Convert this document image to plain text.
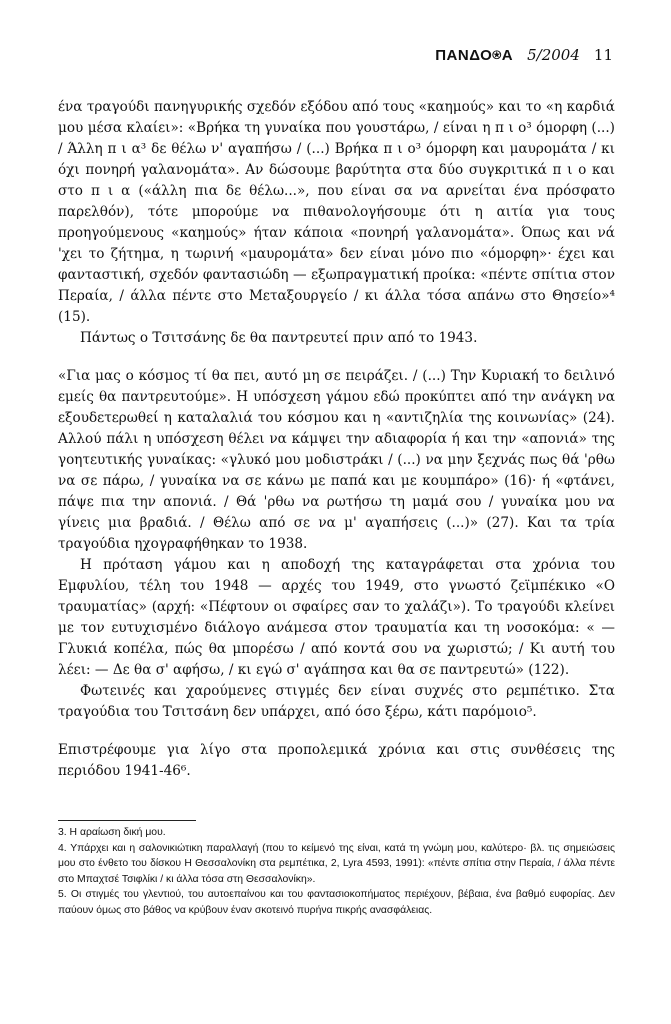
ΠΑΝΔΟ⍟Α 5/2004 11

ένα τραγούδι πανηγυρικής σχεδόν εξόδου από τους «καημούς» και το «η καρδιά μου μέσα κλαίει»: «Βρήκα τη γυναίκα που γουστάρω, / είναι η π ι ο³ όμορφη (...) / Άλλη π ι α³ δε θέλω ν' αγαπήσω / (...) Βρήκα π ι ο³ όμορφη και μαυρομάτα / κι όχι πονηρή γαλανομάτα». Αν δώσουμε βαρύτητα στα δύο συγκριτικά π ι ο και στο π ι α («άλλη πια δε θέλω...», που είναι σα να αρνείται ένα πρόσφατο παρελθόν), τότε μπορούμε να πιθανολογήσουμε ότι η αιτία για τους προηγούμενους «καημούς» ήταν κάποια «πονηρή γαλανομάτα». Όπως και νά 'χει το ζήτημα, η τωρινή «μαυρομάτα» δεν είναι μόνο πιο «όμορφη»· έχει και φανταστική, σχεδόν φαντασιώδη — εξωπραγματική προίκα: «πέντε σπίτια στον Περαία, / άλλα πέντε στο Μεταξουργείο / κι άλλα τόσα απάνω στο Θησείο»⁴ (15).

Πάντως ο Τσιτσάνης δε θα παντρευτεί πριν από το 1943.

«Για μας ο κόσμος τί θα πει, αυτό μη σε πειράζει. / (...) Την Κυριακή το δειλινό εμείς θα παντρευτούμε». Η υπόσχεση γάμου εδώ προκύπτει από την ανάγκη να εξουδετερωθεί η καταλαλιά του κόσμου και η «αντιζηλία της κοινωνίας» (24). Αλλού πάλι η υπόσχεση θέλει να κάμψει την αδιαφορία ή και την «απονιά» της γοητευτικής γυναίκας: «γλυκό μου μοδιστράκι / (...) να μην ξεχνάς πως θά 'ρθω να σε πάρω, / γυναίκα να σε κάνω με παπά και με κουμπάρο» (16)· ή «φτάνει, πάψε πια την απονιά. / Θά 'ρθω να ρωτήσω τη μαμά σου / γυναίκα μου να γίνεις μια βραδιά. / Θέλω από σε να μ' αγαπήσεις (...)» (27). Και τα τρία τραγούδια ηχογραφήθηκαν το 1938.

Η πρόταση γάμου και η αποδοχή της καταγράφεται στα χρόνια του Εμφυλίου, τέλη του 1948 — αρχές του 1949, στο γνωστό ζεϊμπέκικο «Ο τραυματίας» (αρχή: «Πέφτουν οι σφαίρες σαν το χαλάζι»). Το τραγούδι κλείνει με τον ευτυχισμένο διάλογο ανάμεσα στον τραυματία και τη νοσοκόμα: « — Γλυκιά κοπέλα, πώς θα μπορέσω / από κοντά σου να χωριστώ; / Κι αυτή του λέει: — Δε θα σ' αφήσω, / κι εγώ σ' αγάπησα και θα σε παντρευτώ» (122).

Φωτεινές και χαρούμενες στιγμές δεν είναι συχνές στο ρεμπέτικο. Στα τραγούδια του Τσιτσάνη δεν υπάρχει, από όσο ξέρω, κάτι παρόμοιο⁵.

Επιστρέφουμε για λίγο στα προπολεμικά χρόνια και στις συνθέσεις της περιόδου 1941-46⁶.

3. Η αραίωση δική μου.

4. Υπάρχει και η σαλονικιώτικη παραλλαγή (που το κείμενό της είναι, κατά τη γνώμη μου, καλύτερο· βλ. τις σημειώσεις μου στο ένθετο του δίσκου Η Θεσσαλονίκη στα ρεμπέτικα, 2, Lyra 4593, 1991): «πέντε σπίτια στην Περαία, / άλλα πέντε στο Μπαχτσέ Τσιφλίκι / κι άλλα τόσα στη Θεσσαλονίκη».

5. Οι στιγμές του γλεντιού, του αυτοεπαίνου και του φαντασιοκοπήματος περιέχουν, βέβαια, ένα βαθμό ευφορίας. Δεν παύουν όμως στο βάθος να κρύβουν έναν σκοτεινό πυρήνα πικρής ανασφάλειας.
